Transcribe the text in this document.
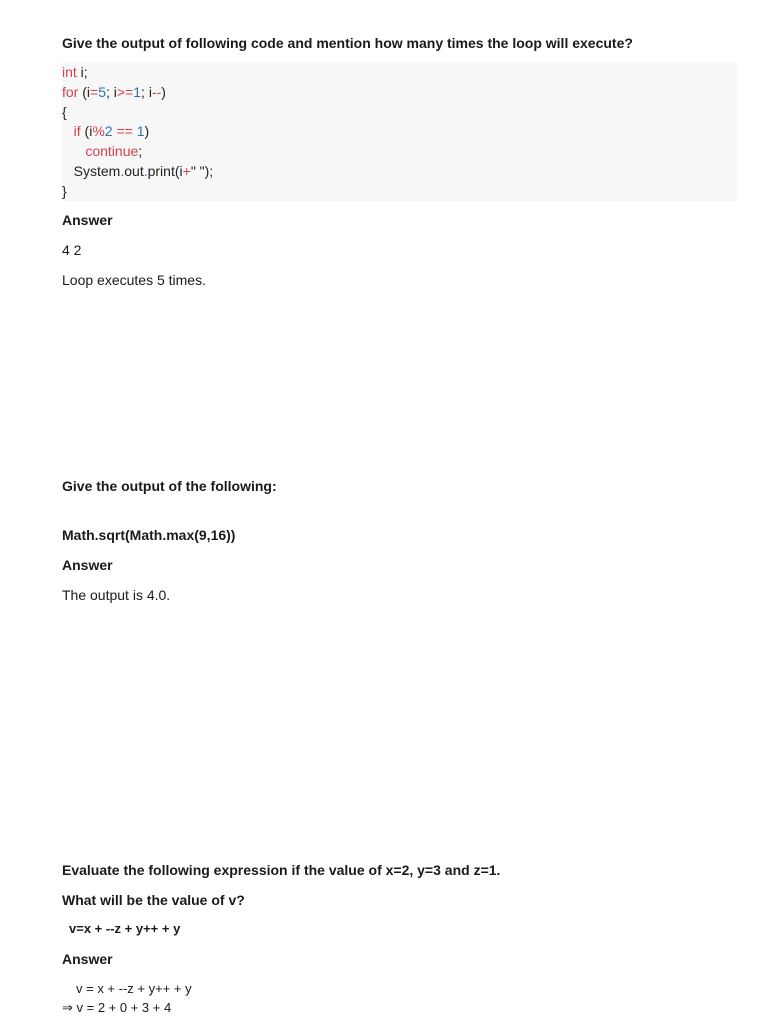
Give the output of following code and mention how many times the loop will execute?

int i;
for (i=5; i>=1; i--)
{
if (i%2 == 1)
continue;
System.out.print(i+" ");
}

Answer

4 2

Loop executes 5 times.

Give the output of the following:

Math.sqrt(Math.max(9,16))

Answer

The output is 4.0.

Evaluate the following expression if the value of x=2, y=3 and z=1.

What will be the value of v?

v=x + --z + y++ + y

Answer

v = x + --z + y++ + y

⇒ v = 2 + 0 + 3 + 4
